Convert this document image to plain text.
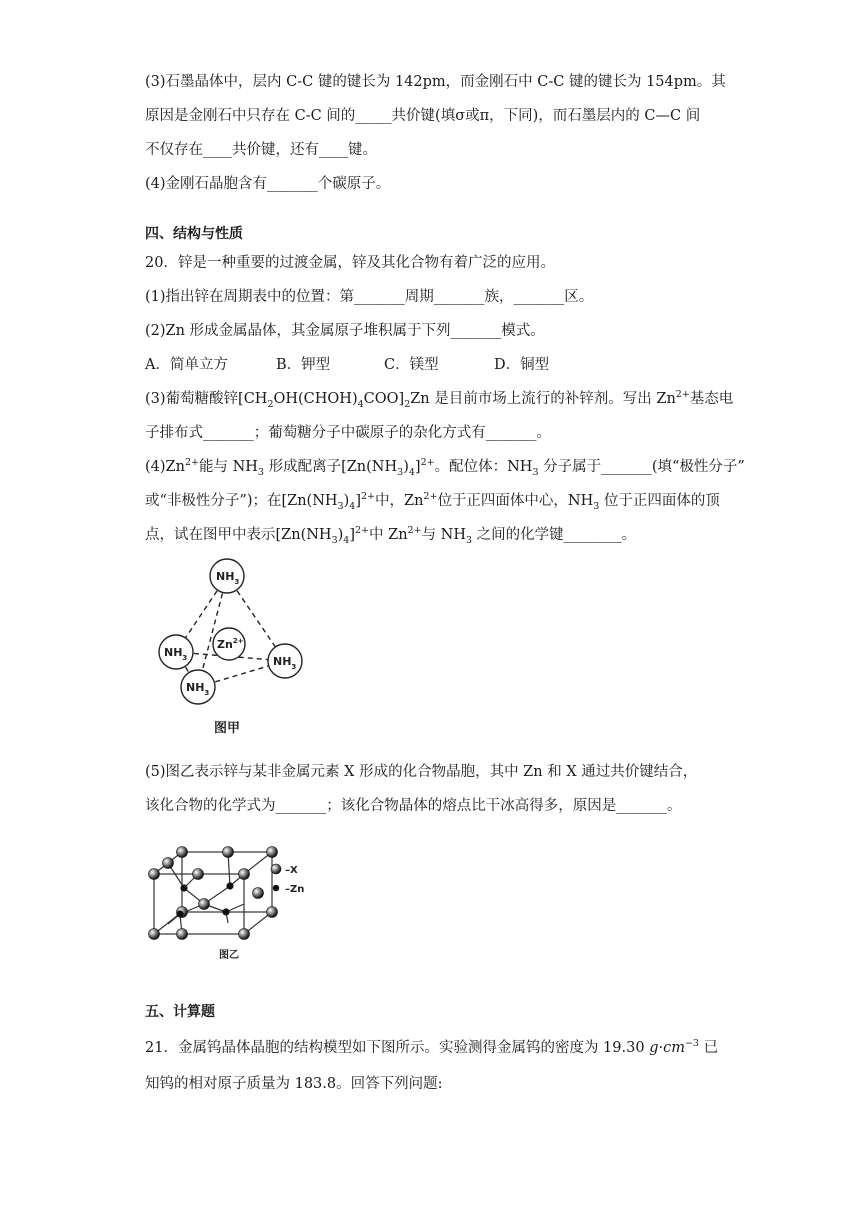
(3)石墨晶体中，层内 C-C 键的键长为 142pm，而金刚石中 C-C 键的键长为 154pm。其
原因是金刚石中只存在 C-C 间的_____共价键(填σ或π，下同)，而石墨层内的 C—C 间
不仅存在____共价键，还有____键。
(4)金刚石晶胞含有_______个碳原子。
四、结构与性质
20．锌是一种重要的过渡金属，锌及其化合物有着广泛的应用。
(1)指出锌在周期表中的位置：第_______周期_______族，_______区。
(2)Zn 形成金属晶体，其金属原子堆积属于下列_______模式。
A．简单立方	B．钾型	C．镁型	D．铜型
(3)葡萄糖酸锌$[CH_2OH(CHOH)_4COO]_2Zn$ 是目前市场上流行的补锌剂。写出 $Zn^{2+}$基态电
子排布式_______；葡萄糖分子中碳原子的杂化方式有_______。
$(4)Zn^{2+}$能与 $NH_3$ 形成配离子$[Zn(NH_3)_4]^{2+}$。配位体：$NH_3$ 分子属于_______(填“极性分子”
或“非极性分子”)；在$[Zn(NH_3)_4]^{2+}$中，$Zn^{2+}$位于正四面体中心，$NH_3$ 位于正四面体的顶
点，试在图甲中表示$[Zn(NH_3)_4]^{2+}$中 $Zn^{2+}$与 $NH_3$ 之间的化学键________。
$NH_3$
$NH_3$	$NH_3$
$NH_3$
$Zn^{2+}$
图甲
(5)图乙表示锌与某非金属元素 X 形成的化合物晶胞，其中 Zn 和 X 通过共价键结合，
该化合物的化学式为_______；该化合物晶体的熔点比干冰高得多，原因是_______。
–X
–Zn
图乙
五、计算题
21．金属钨晶体晶胞的结构模型如下图所示。实验测得金属钨的密度为 19.30 $g\cdot cm^{-3}$ 已
知钨的相对原子质量为 183.8。回答下列问题:
